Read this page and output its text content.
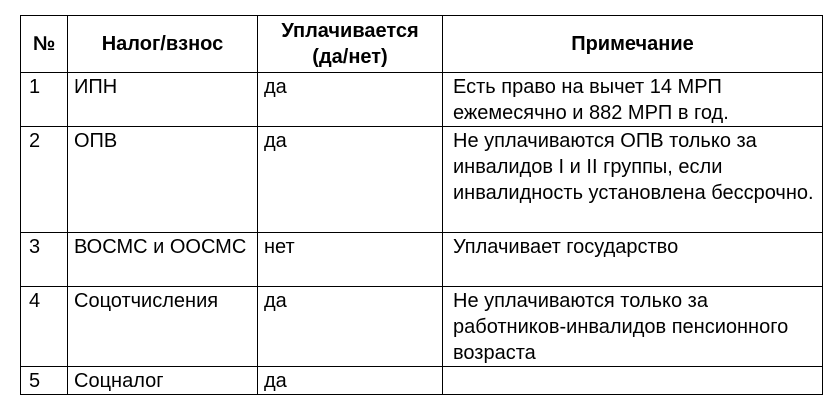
№	Налог/взнос	Уплачивается (да/нет)	Примечание
1	ИПН	да	Есть право на вычет 14 МРП ежемесячно и 882 МРП в год.
2	ОПВ	да	Не уплачиваются ОПВ только за инвалидов I и II группы, если инвалидность установлена бессрочно.
3	ВОСМС и ООСМС	нет	Уплачивает государство
4	Соцотчисления	да	Не уплачиваются только за работников-инвалидов пенсионного возраста
5	Соцналог	да	
